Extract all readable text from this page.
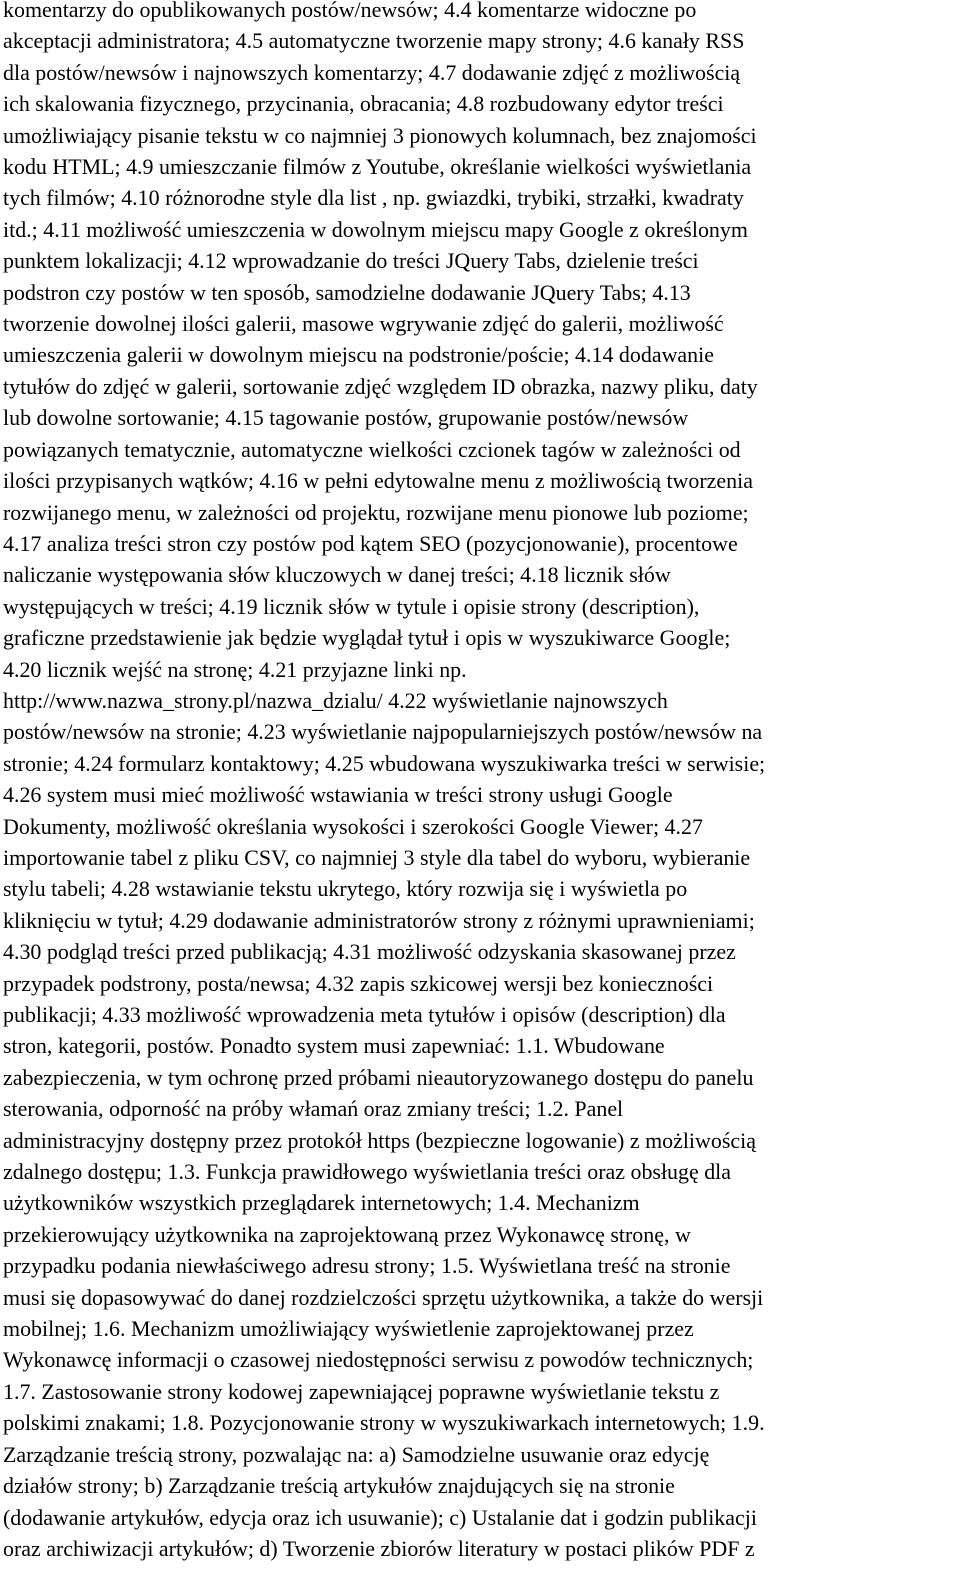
komentarzy do opublikowanych postów/newsów; 4.4 komentarze widoczne po
akceptacji administratora; 4.5 automatyczne tworzenie mapy strony; 4.6 kanały RSS
dla postów/newsów i najnowszych komentarzy; 4.7 dodawanie zdjęć z możliwością
ich skalowania fizycznego, przycinania, obracania; 4.8 rozbudowany edytor treści
umożliwiający pisanie tekstu w co najmniej 3 pionowych kolumnach, bez znajomości
kodu HTML; 4.9 umieszczanie filmów z Youtube, określanie wielkości wyświetlania
tych filmów; 4.10 różnorodne style dla list , np. gwiazdki, trybiki, strzałki, kwadraty
itd.; 4.11 możliwość umieszczenia w dowolnym miejscu mapy Google z określonym
punktem lokalizacji; 4.12 wprowadzanie do treści JQuery Tabs, dzielenie treści
podstron czy postów w ten sposób, samodzielne dodawanie JQuery Tabs; 4.13
tworzenie dowolnej ilości galerii, masowe wgrywanie zdjęć do galerii, możliwość
umieszczenia galerii w dowolnym miejscu na podstronie/poście; 4.14 dodawanie
tytułów do zdjęć w galerii, sortowanie zdjęć względem ID obrazka, nazwy pliku, daty
lub dowolne sortowanie; 4.15 tagowanie postów, grupowanie postów/newsów
powiązanych tematycznie, automatyczne wielkości czcionek tagów w zależności od
ilości przypisanych wątków; 4.16 w pełni edytowalne menu z możliwością tworzenia
rozwijanego menu, w zależności od projektu, rozwijane menu pionowe lub poziome;
4.17 analiza treści stron czy postów pod kątem SEO (pozycjonowanie), procentowe
naliczanie występowania słów kluczowych w danej treści; 4.18 licznik słów
występujących w treści; 4.19 licznik słów w tytule i opisie strony (description),
graficzne przedstawienie jak będzie wyglądał tytuł i opis w wyszukiwarce Google;
4.20 licznik wejść na stronę; 4.21 przyjazne linki np.
http://www.nazwa_strony.pl/nazwa_dzialu/ 4.22 wyświetlanie najnowszych
postów/newsów na stronie; 4.23 wyświetlanie najpopularniejszych postów/newsów na
stronie; 4.24 formularz kontaktowy; 4.25 wbudowana wyszukiwarka treści w serwisie;
4.26 system musi mieć możliwość wstawiania w treści strony usługi Google
Dokumenty, możliwość określania wysokości i szerokości Google Viewer; 4.27
importowanie tabel z pliku CSV, co najmniej 3 style dla tabel do wyboru, wybieranie
stylu tabeli; 4.28 wstawianie tekstu ukrytego, który rozwija się i wyświetla po
kliknięciu w tytuł; 4.29 dodawanie administratorów strony z różnymi uprawnieniami;
4.30 podgląd treści przed publikacją; 4.31 możliwość odzyskania skasowanej przez
przypadek podstrony, posta/newsa; 4.32 zapis szkicowej wersji bez konieczności
publikacji; 4.33 możliwość wprowadzenia meta tytułów i opisów (description) dla
stron, kategorii, postów. Ponadto system musi zapewniać: 1.1. Wbudowane
zabezpieczenia, w tym ochronę przed próbami nieautoryzowanego dostępu do panelu
sterowania, odporność na próby włamań oraz zmiany treści; 1.2. Panel
administracyjny dostępny przez protokół https (bezpieczne logowanie) z możliwością
zdalnego dostępu; 1.3. Funkcja prawidłowego wyświetlania treści oraz obsługę dla
użytkowników wszystkich przeglądarek internetowych; 1.4. Mechanizm
przekierowujący użytkownika na zaprojektowaną przez Wykonawcę stronę, w
przypadku podania niewłaściwego adresu strony; 1.5. Wyświetlana treść na stronie
musi się dopasowywać do danej rozdzielczości sprzętu użytkownika, a także do wersji
mobilnej; 1.6. Mechanizm umożliwiający wyświetlenie zaprojektowanej przez
Wykonawcę informacji o czasowej niedostępności serwisu z powodów technicznych;
1.7. Zastosowanie strony kodowej zapewniającej poprawne wyświetlanie tekstu z
polskimi znakami; 1.8. Pozycjonowanie strony w wyszukiwarkach internetowych; 1.9.
Zarządzanie treścią strony, pozwalając na: a) Samodzielne usuwanie oraz edycję
działów strony; b) Zarządzanie treścią artykułów znajdujących się na stronie
(dodawanie artykułów, edycja oraz ich usuwanie); c) Ustalanie dat i godzin publikacji
oraz archiwizacji artykułów; d) Tworzenie zbiorów literatury w postaci plików PDF z
